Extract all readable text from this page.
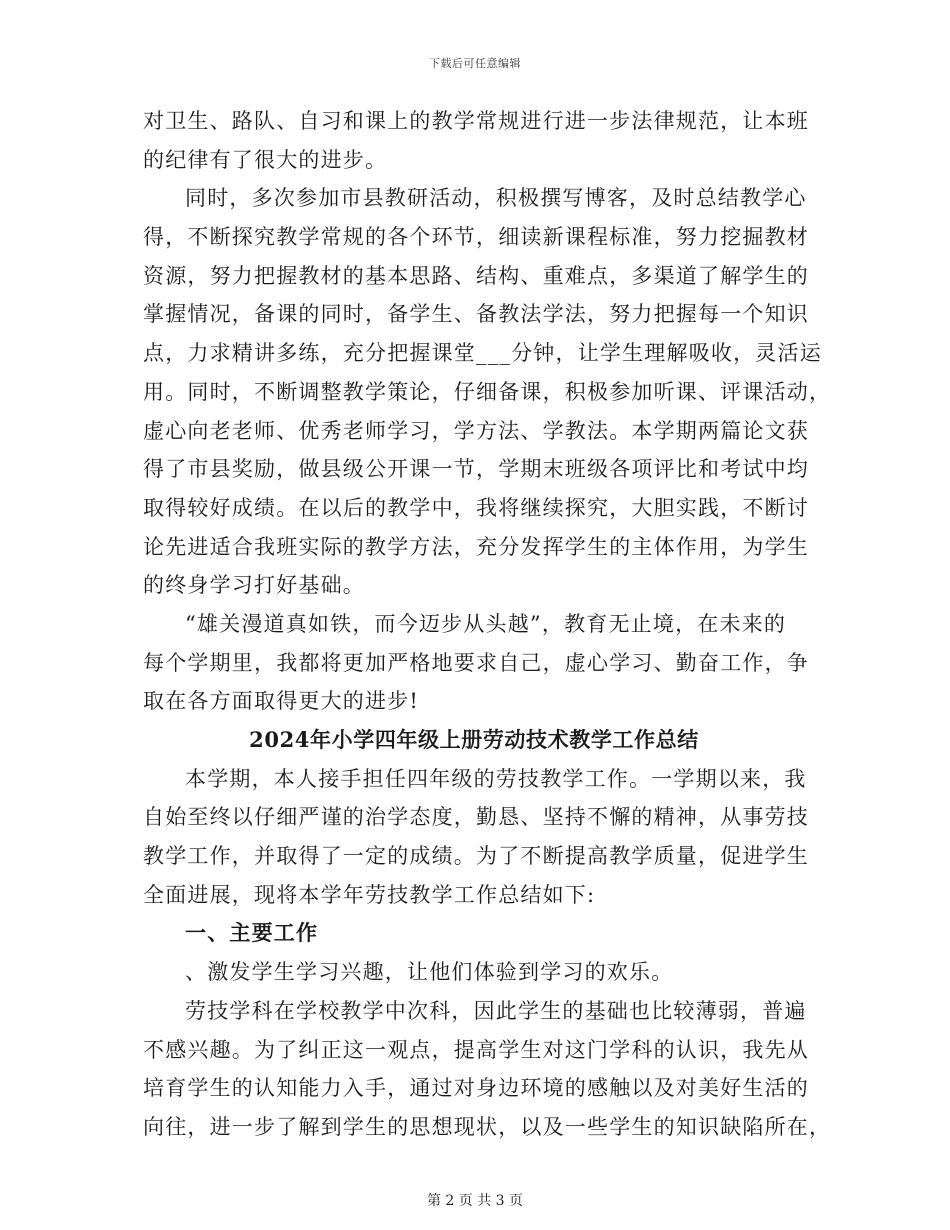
下载后可任意编辑
对卫生、路队、自习和课上的教学常规进行进一步法律规范，让本班
的纪律有了很大的进步。
同时，多次参加市县教研活动，积极撰写博客，及时总结教学心
得，不断探究教学常规的各个环节，细读新课程标准，努力挖掘教材
资源，努力把握教材的基本思路、结构、重难点，多渠道了解学生的
掌握情况，备课的同时，备学生、备教法学法，努力把握每一个知识
点，力求精讲多练，充分把握课堂___分钟，让学生理解吸收，灵活运
用。同时，不断调整教学策论，仔细备课，积极参加听课、评课活动，
虚心向老老师、优秀老师学习，学方法、学教法。本学期两篇论文获
得了市县奖励，做县级公开课一节，学期末班级各项评比和考试中均
取得较好成绩。在以后的教学中，我将继续探究，大胆实践，不断讨
论先进适合我班实际的教学方法，充分发挥学生的主体作用，为学生
的终身学习打好基础。
“雄关漫道真如铁，而今迈步从头越”，教育无止境，在未来的
每个学期里，我都将更加严格地要求自己，虚心学习、勤奋工作，争
取在各方面取得更大的进步!
2024年小学四年级上册劳动技术教学工作总结
本学期，本人接手担任四年级的劳技教学工作。一学期以来，我
自始至终以仔细严谨的治学态度，勤恳、坚持不懈的精神，从事劳技
教学工作，并取得了一定的成绩。为了不断提高教学质量，促进学生
全面进展，现将本学年劳技教学工作总结如下:
一、主要工作
、激发学生学习兴趣，让他们体验到学习的欢乐。
劳技学科在学校教学中次科，因此学生的基础也比较薄弱，普遍
不感兴趣。为了纠正这一观点，提高学生对这门学科的认识，我先从
培育学生的认知能力入手，通过对身边环境的感触以及对美好生活的
向往，进一步了解到学生的思想现状，以及一些学生的知识缺陷所在，
第 2 页 共 3 页
